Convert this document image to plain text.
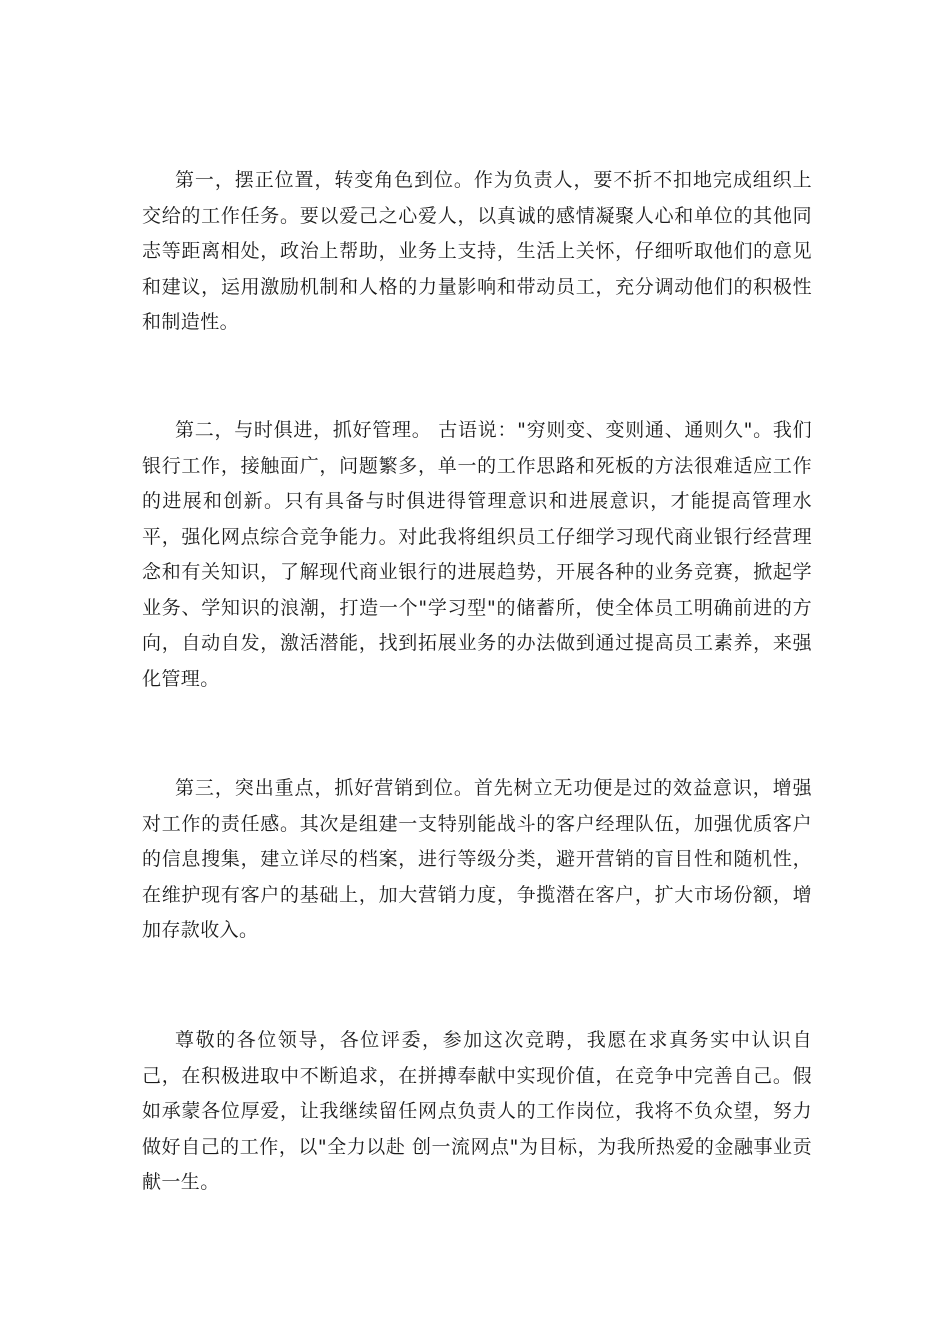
第一，摆正位置，转变角色到位。作为负责人，要不折不扣地完成组织上交给的工作任务。要以爱己之心爱人，以真诚的感情凝聚人心和单位的其他同志等距离相处，政治上帮助，业务上支持，生活上关怀，仔细听取他们的意见和建议，运用激励机制和人格的力量影响和带动员工，充分调动他们的积极性和制造性。

第二，与时俱进，抓好管理。 古语说："穷则变、变则通、通则久"。我们银行工作，接触面广，问题繁多，单一的工作思路和死板的方法很难适应工作的进展和创新。只有具备与时俱进得管理意识和进展意识，才能提高管理水平，强化网点综合竞争能力。对此我将组织员工仔细学习现代商业银行经营理念和有关知识，了解现代商业银行的进展趋势，开展各种的业务竞赛，掀起学业务、学知识的浪潮，打造一个"学习型"的储蓄所，使全体员工明确前进的方向，自动自发，激活潜能，找到拓展业务的办法做到通过提高员工素养，来强化管理。

第三，突出重点，抓好营销到位。首先树立无功便是过的效益意识，增强对工作的责任感。其次是组建一支特别能战斗的客户经理队伍，加强优质客户的信息搜集，建立详尽的档案，进行等级分类，避开营销的盲目性和随机性，在维护现有客户的基础上，加大营销力度，争揽潜在客户，扩大市场份额，增加存款收入。

尊敬的各位领导，各位评委，参加这次竞聘，我愿在求真务实中认识自己，在积极进取中不断追求，在拼搏奉献中实现价值，在竞争中完善自己。假如承蒙各位厚爱，让我继续留任网点负责人的工作岗位，我将不负众望，努力做好自己的工作，以"全力以赴 创一流网点"为目标，为我所热爱的金融事业贡献一生。
